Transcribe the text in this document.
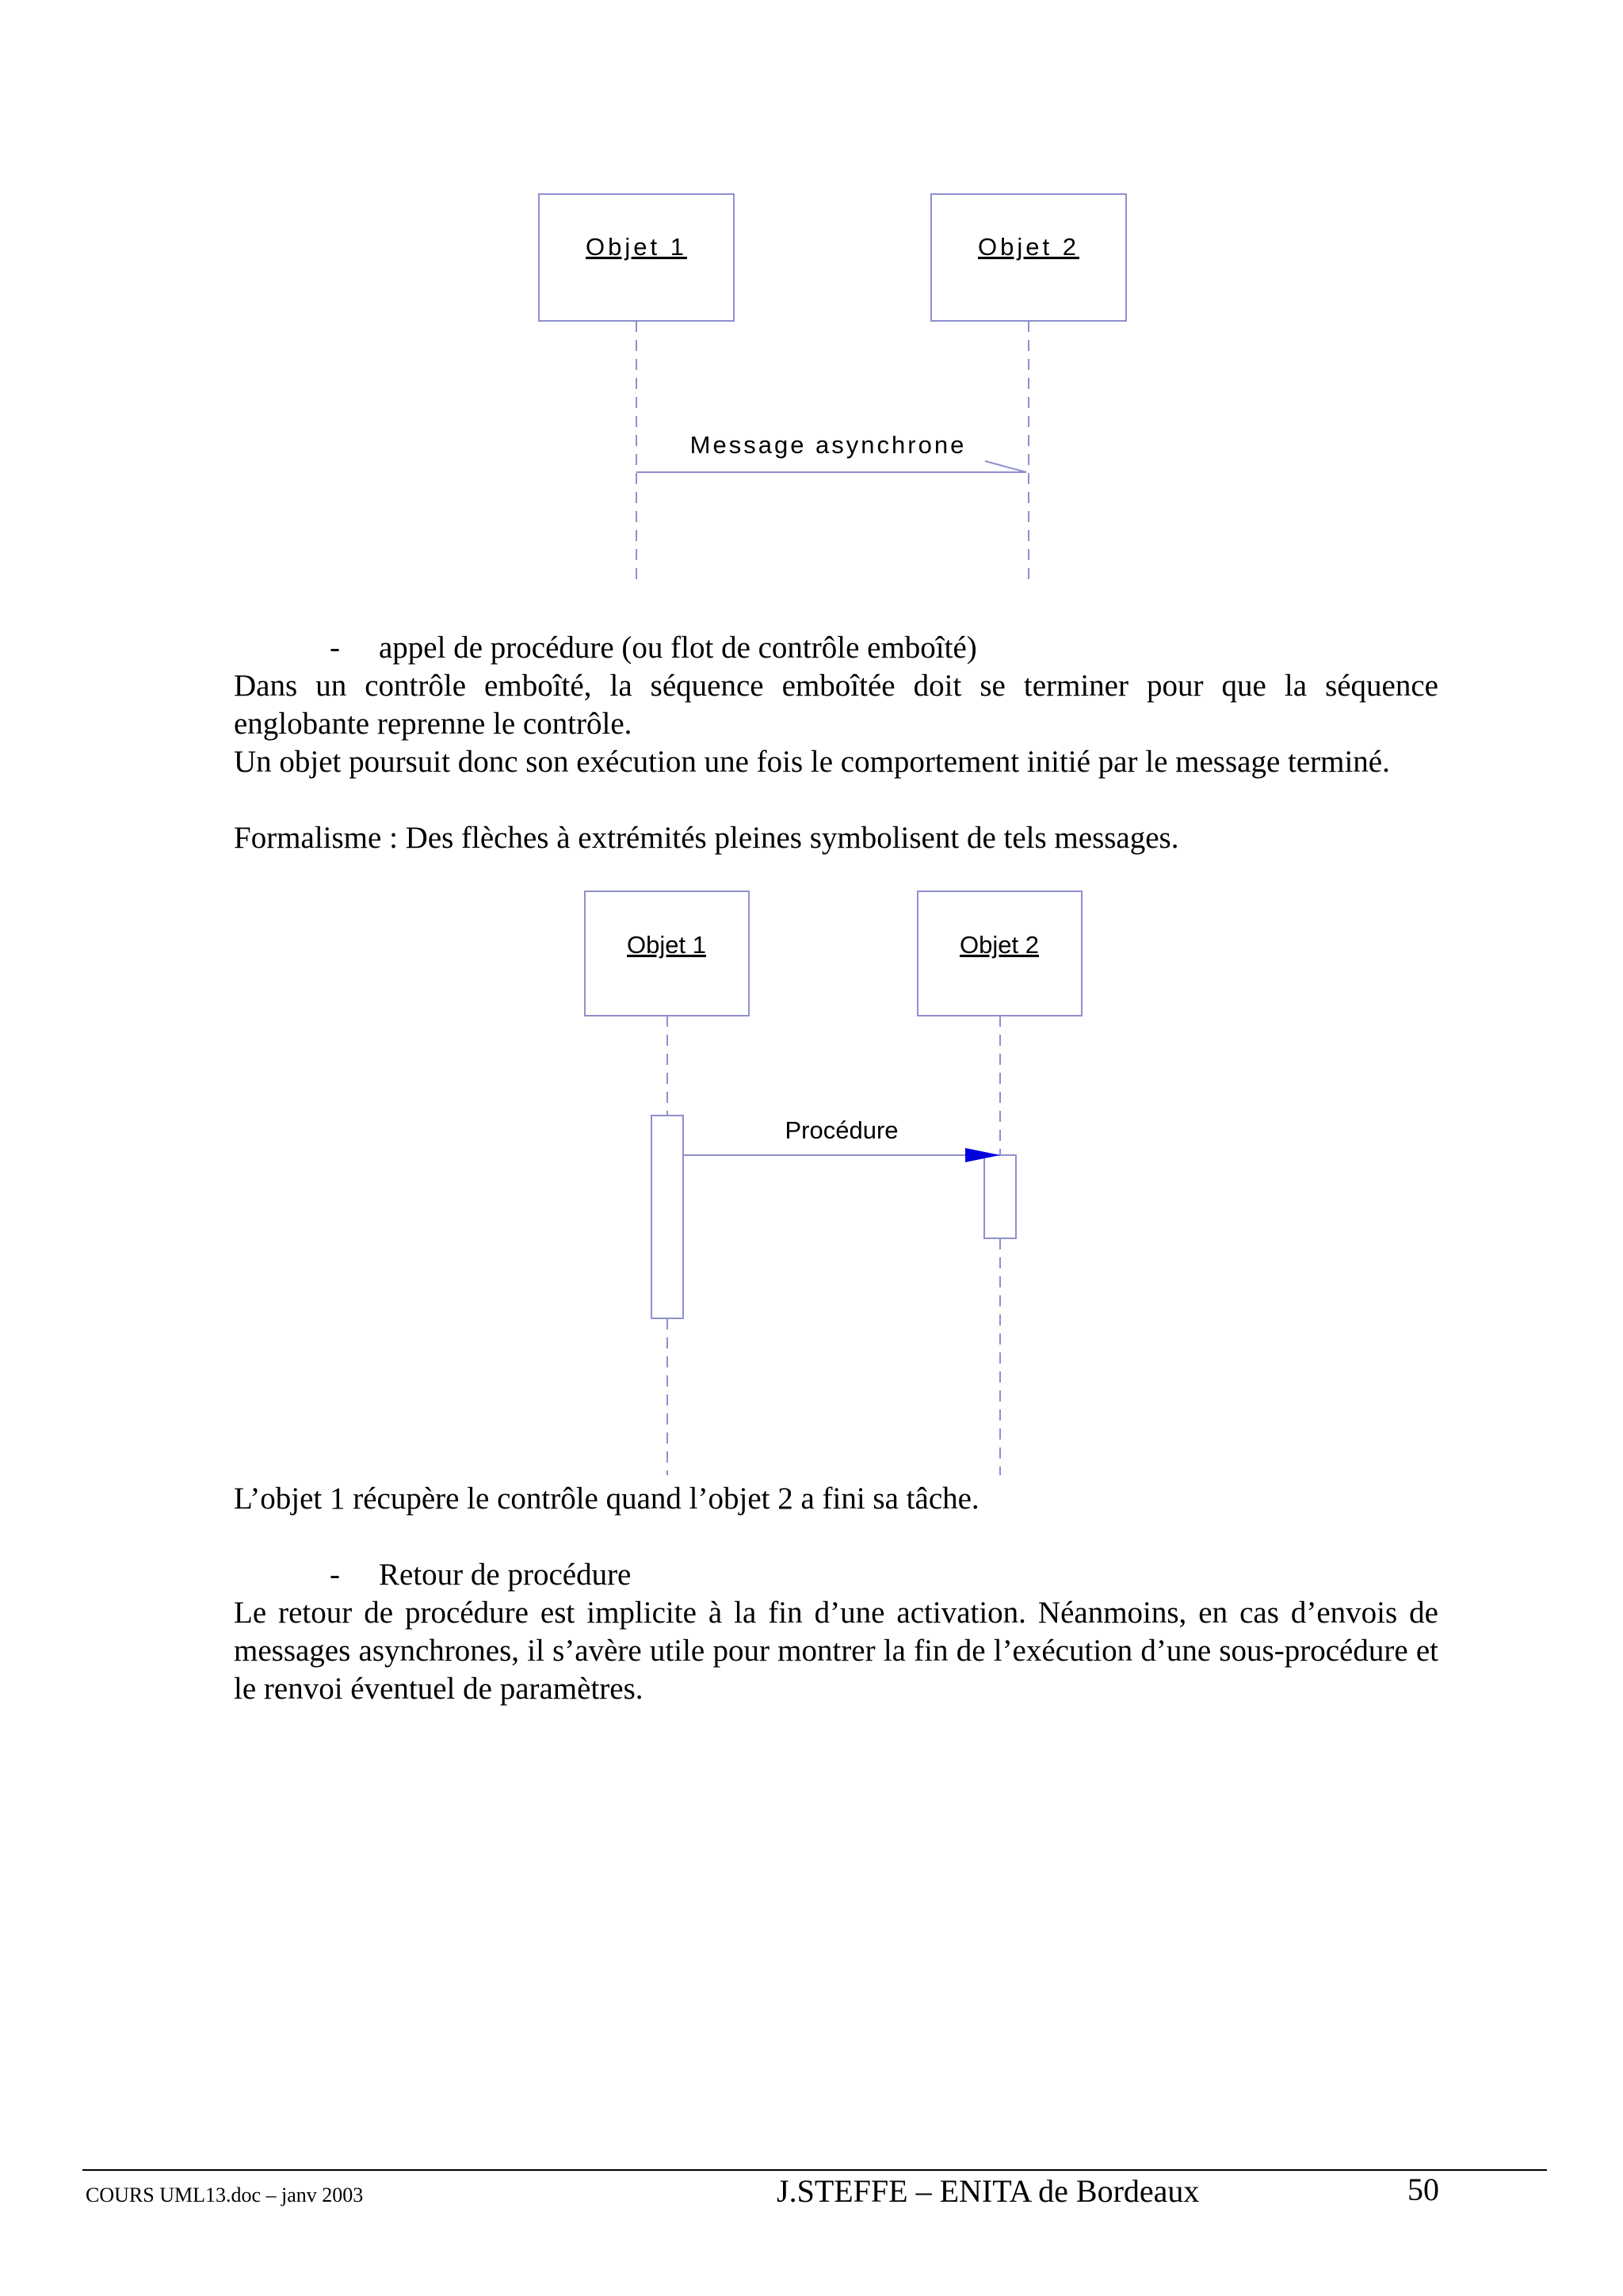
Objet 1	Objet 2
Message asynchrone
- appel de procédure (ou flot de contrôle emboîté)

Dans un contrôle emboîté, la séquence emboîtée doit se terminer pour que la séquence englobante reprenne le contrôle.

Un objet poursuit donc son exécution une fois le comportement initié par le message terminé.

Formalisme : Des flèches à extrémités pleines symbolisent de tels messages.

Objet 1	Objet 2
Procédure

L’objet 1 récupère le contrôle quand l’objet 2 a fini sa tâche.

- Retour de procédure

Le retour de procédure est implicite à la fin d’une activation. Néanmoins, en cas d’envois de messages asynchrones, il s’avère utile pour montrer la fin de l’exécution d’une sous-procédure et le renvoi éventuel de paramètres.

COURS UML13.doc – janv 2003	J.STEFFE – ENITA de Bordeaux	50
